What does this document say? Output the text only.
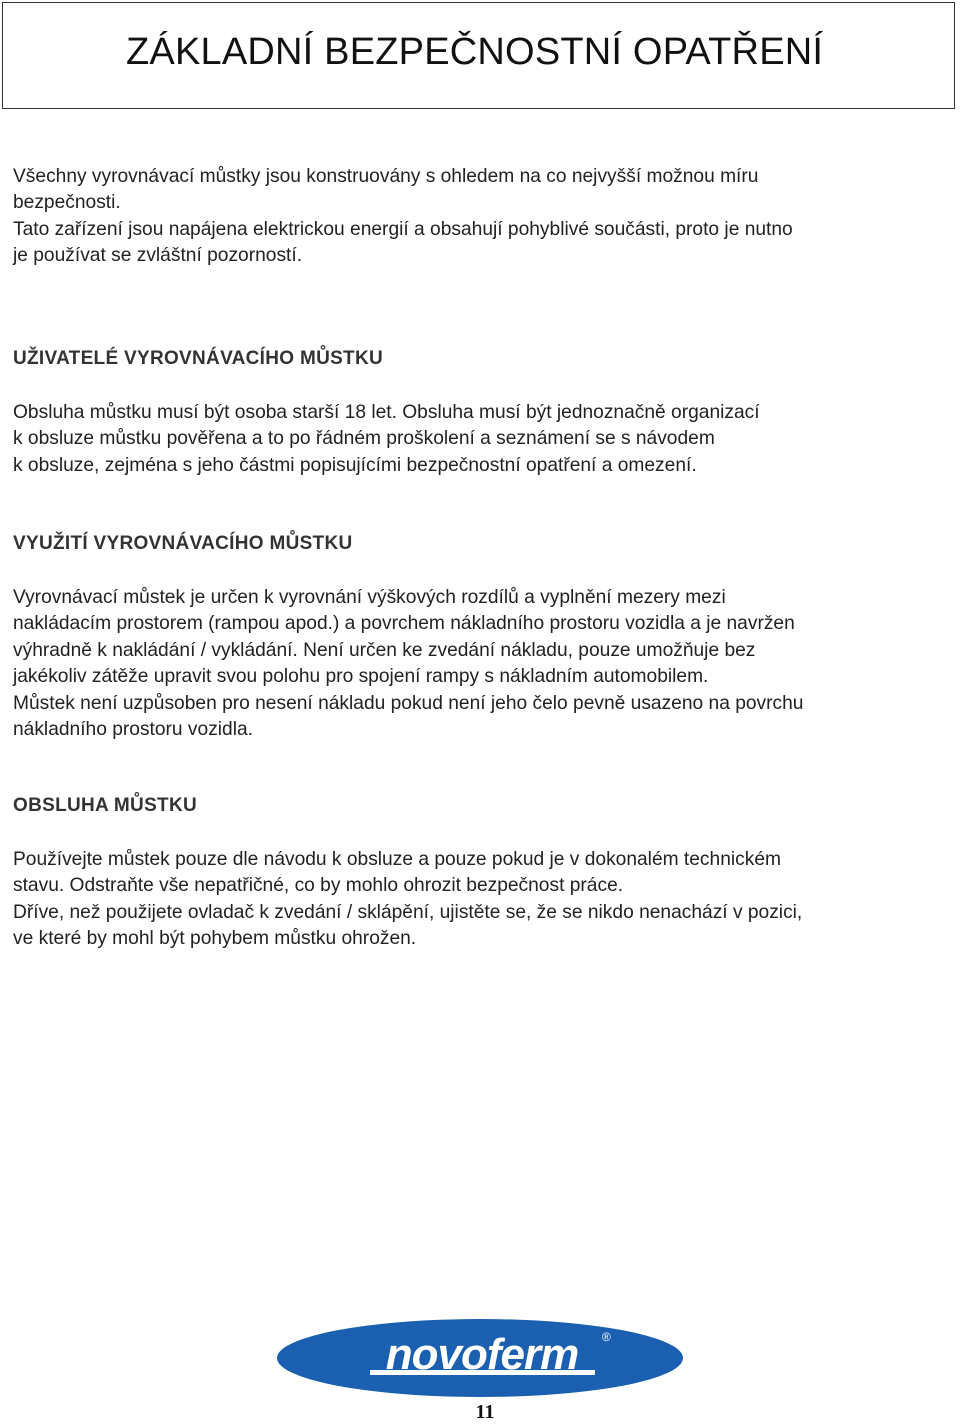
ZÁKLADNÍ BEZPEČNOSTNÍ OPATŘENÍ

Všechny vyrovnávací můstky jsou konstruovány s ohledem na co nejvyšší možnou míru
bezpečnosti.
Tato zařízení jsou napájena elektrickou energií a obsahují pohyblivé součásti, proto je nutno
je používat se zvláštní pozorností.

UŽIVATELÉ VYROVNÁVACÍHO MŮSTKU

Obsluha můstku musí být osoba starší 18 let. Obsluha musí být jednoznačně organizací
k obsluze můstku pověřena a to po řádném proškolení a seznámení se s návodem
k obsluze, zejména s jeho částmi popisujícími bezpečnostní opatření a omezení.

VYUŽITÍ VYROVNÁVACÍHO MŮSTKU

Vyrovnávací můstek je určen k vyrovnání výškových rozdílů a vyplnění mezery mezi
nakládacím prostorem (rampou apod.) a povrchem nákladního prostoru vozidla a je navržen
výhradně k nakládání / vykládání. Není určen ke zvedání nákladu, pouze umožňuje bez
jakékoliv zátěže upravit svou polohu pro spojení rampy s nákladním automobilem.
Můstek není uzpůsoben pro nesení nákladu pokud není jeho čelo pevně usazeno na povrchu
nákladního prostoru vozidla.

OBSLUHA MŮSTKU

Používejte můstek pouze dle návodu k obsluze a pouze pokud je v dokonalém technickém
stavu. Odstraňte vše nepatřičné, co by mohlo ohrozit bezpečnost práce.
Dříve, než použijete ovladač k zvedání / sklápění, ujistěte se, že se nikdo nenachází v pozici,
ve které by mohl být pohybem můstku ohrožen.

novoferm ®
11
